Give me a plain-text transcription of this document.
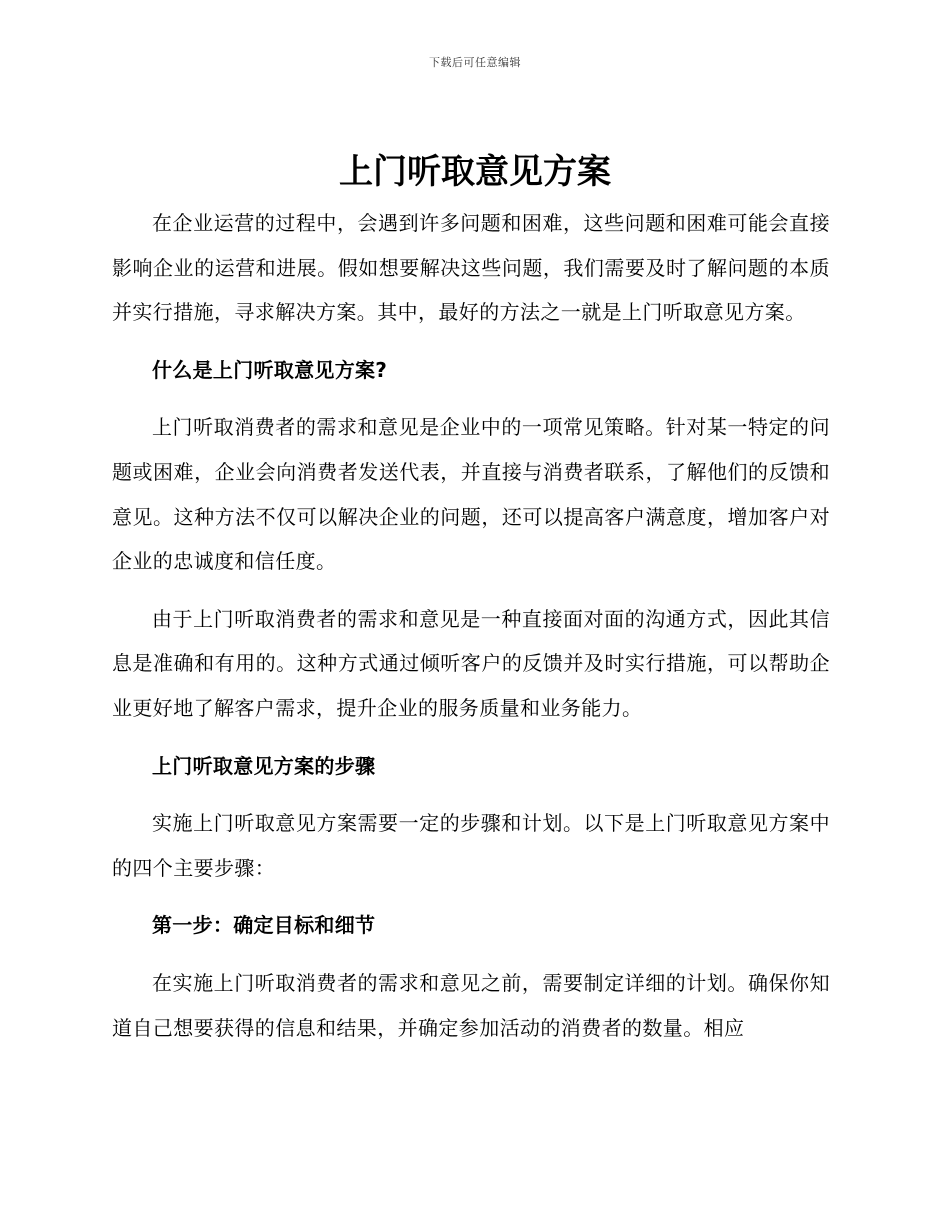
下载后可任意编辑
上门听取意见方案

在企业运营的过程中，会遇到许多问题和困难，这些问题和困难可能会直接影响企业的运营和进展。假如想要解决这些问题，我们需要及时了解问题的本质并实行措施，寻求解决方案。其中，最好的方法之一就是上门听取意见方案。

什么是上门听取意见方案?

上门听取消费者的需求和意见是企业中的一项常见策略。针对某一特定的问题或困难，企业会向消费者发送代表，并直接与消费者联系，了解他们的反馈和意见。这种方法不仅可以解决企业的问题，还可以提高客户满意度，增加客户对企业的忠诚度和信任度。

由于上门听取消费者的需求和意见是一种直接面对面的沟通方式，因此其信息是准确和有用的。这种方式通过倾听客户的反馈并及时实行措施，可以帮助企业更好地了解客户需求，提升企业的服务质量和业务能力。

上门听取意见方案的步骤

实施上门听取意见方案需要一定的步骤和计划。以下是上门听取意见方案中的四个主要步骤：

第一步：确定目标和细节

在实施上门听取消费者的需求和意见之前，需要制定详细的计划。确保你知道自己想要获得的信息和结果，并确定参加活动的消费者的数量。相应
